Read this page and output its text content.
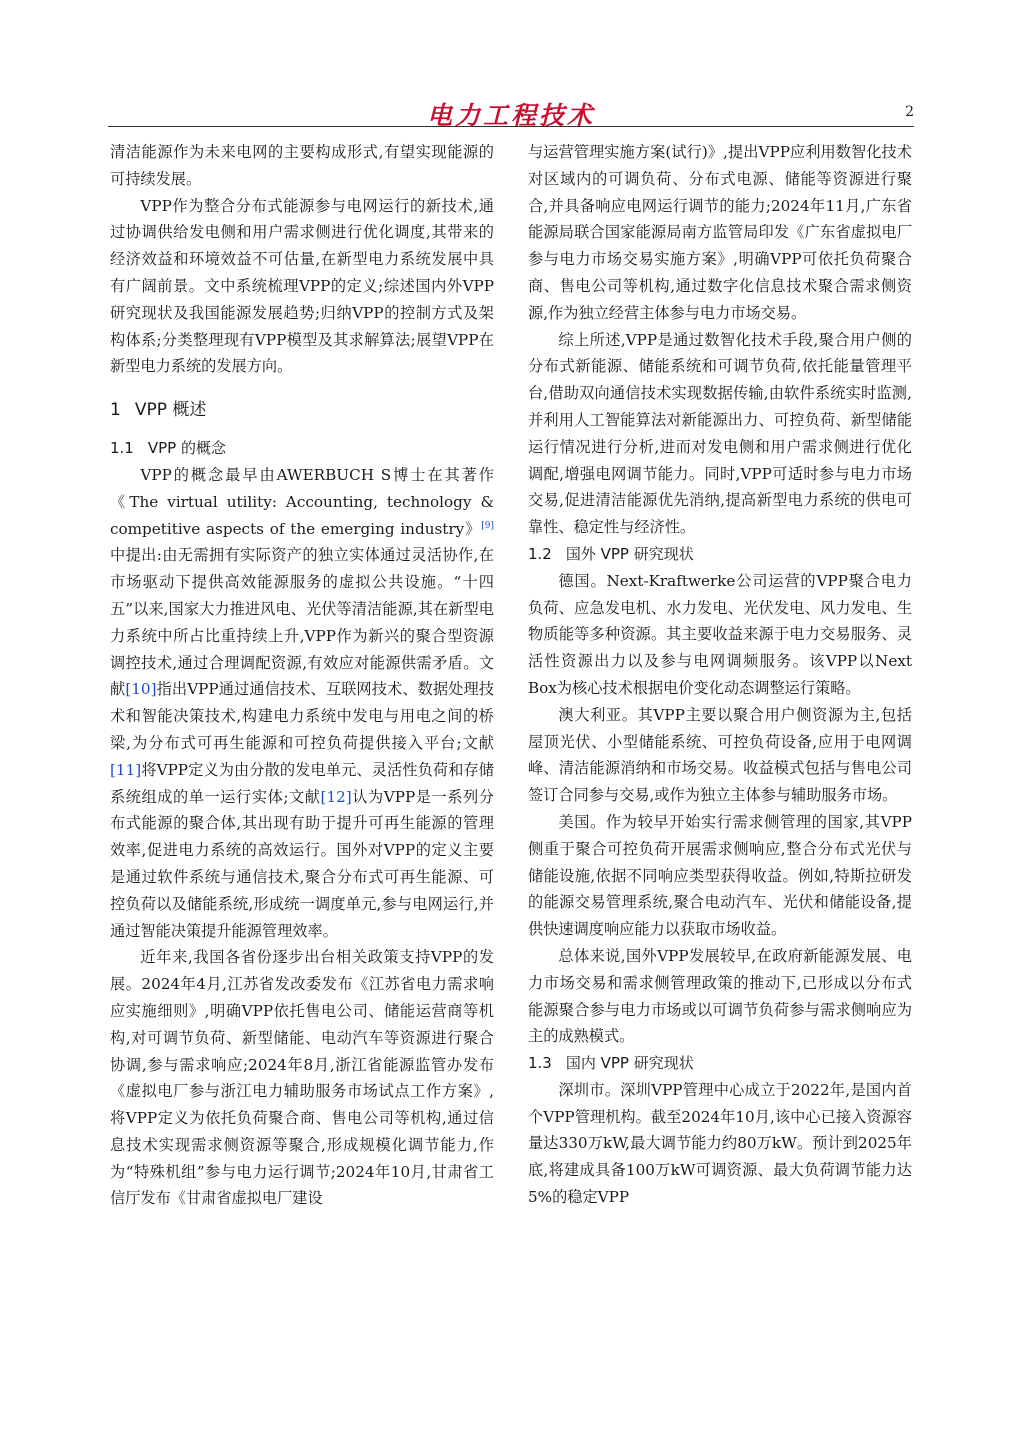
电力工程技术	2

清洁能源作为未来电网的主要构成形式,有望实现能源的可持续发展。

VPP作为整合分布式能源参与电网运行的新技术,通过协调供给发电侧和用户需求侧进行优化调度,其带来的经济效益和环境效益不可估量,在新型电力系统发展中具有广阔前景。文中系统梳理VPP的定义;综述国内外VPP研究现状及我国能源发展趋势;归纳VPP的控制方式及架构体系;分类整理现有VPP模型及其求解算法;展望VPP在新型电力系统的发展方向。

1 VPP 概述
1.1 VPP 的概念

VPP的概念最早由AWERBUCH S博士在其著作《The virtual utility: Accounting, technology & competitive aspects of the emerging industry》[9]中提出:由无需拥有实际资产的独立实体通过灵活协作,在市场驱动下提供高效能源服务的虚拟公共设施。“十四五”以来,国家大力推进风电、光伏等清洁能源,其在新型电力系统中所占比重持续上升,VPP作为新兴的聚合型资源调控技术,通过合理调配资源,有效应对能源供需矛盾。文献[10]指出VPP通过通信技术、互联网技术、数据处理技术和智能决策技术,构建电力系统中发电与用电之间的桥梁,为分布式可再生能源和可控负荷提供接入平台;文献[11]将VPP定义为由分散的发电单元、灵活性负荷和存储系统组成的单一运行实体;文献[12]认为VPP是一系列分布式能源的聚合体,其出现有助于提升可再生能源的管理效率,促进电力系统的高效运行。国外对VPP的定义主要是通过软件系统与通信技术,聚合分布式可再生能源、可控负荷以及储能系统,形成统一调度单元,参与电网运行,并通过智能决策提升能源管理效率。

近年来,我国各省份逐步出台相关政策支持VPP的发展。2024年4月,江苏省发改委发布《江苏省电力需求响应实施细则》,明确VPP依托售电公司、储能运营商等机构,对可调节负荷、新型储能、电动汽车等资源进行聚合协调,参与需求响应;2024年8月,浙江省能源监管办发布《虚拟电厂参与浙江电力辅助服务市场试点工作方案》,将VPP定义为依托负荷聚合商、售电公司等机构,通过信息技术实现需求侧资源等聚合,形成规模化调节能力,作为“特殊机组”参与电力运行调节;2024年10月,甘肃省工信厅发布《甘肃省虚拟电厂建设

与运营管理实施方案(试行)》,提出VPP应利用数智化技术对区域内的可调负荷、分布式电源、储能等资源进行聚合,并具备响应电网运行调节的能力;2024年11月,广东省能源局联合国家能源局南方监管局印发《广东省虚拟电厂参与电力市场交易实施方案》,明确VPP可依托负荷聚合商、售电公司等机构,通过数字化信息技术聚合需求侧资源,作为独立经营主体参与电力市场交易。

综上所述,VPP是通过数智化技术手段,聚合用户侧的分布式新能源、储能系统和可调节负荷,依托能量管理平台,借助双向通信技术实现数据传输,由软件系统实时监测,并利用人工智能算法对新能源出力、可控负荷、新型储能运行情况进行分析,进而对发电侧和用户需求侧进行优化调配,增强电网调节能力。同时,VPP可适时参与电力市场交易,促进清洁能源优先消纳,提高新型电力系统的供电可靠性、稳定性与经济性。

1.2 国外 VPP 研究现状

德国。Next-Kraftwerke公司运营的VPP聚合电力负荷、应急发电机、水力发电、光伏发电、风力发电、生物质能等多种资源。其主要收益来源于电力交易服务、灵活性资源出力以及参与电网调频服务。该VPP以Next Box为核心技术根据电价变化动态调整运行策略。

澳大利亚。其VPP主要以聚合用户侧资源为主,包括屋顶光伏、小型储能系统、可控负荷设备,应用于电网调峰、清洁能源消纳和市场交易。收益模式包括与售电公司签订合同参与交易,或作为独立主体参与辅助服务市场。

美国。作为较早开始实行需求侧管理的国家,其VPP侧重于聚合可控负荷开展需求侧响应,整合分布式光伏与储能设施,依据不同响应类型获得收益。例如,特斯拉研发的能源交易管理系统,聚合电动汽车、光伏和储能设备,提供快速调度响应能力以获取市场收益。

总体来说,国外VPP发展较早,在政府新能源发展、电力市场交易和需求侧管理政策的推动下,已形成以分布式能源聚合参与电力市场或以可调节负荷参与需求侧响应为主的成熟模式。

1.3 国内 VPP 研究现状

深圳市。深圳VPP管理中心成立于2022年,是国内首个VPP管理机构。截至2024年10月,该中心已接入资源容量达330万kW,最大调节能力约80万kW。预计到2025年底,将建成具备100万kW可调资源、最大负荷调节能力达5%的稳定VPP
